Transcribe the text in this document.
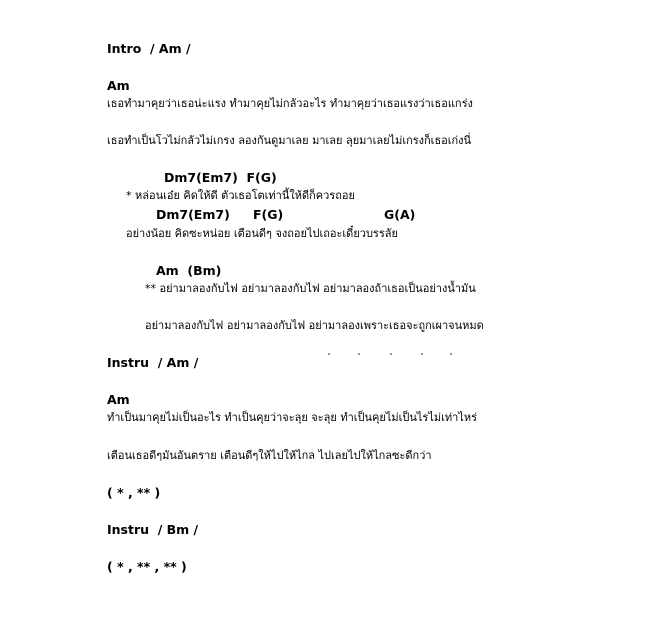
Intro  / Am /
Am
เธอทำมาคุยว่าเธอน่ะแรง ทำมาคุยไม่กลัวอะไร ทำมาคุยว่าเธอแรงว่าเธอแกร่ง
เธอทำเป็นโวไม่กลัวไม่เกรง ลองกันดูมาเลย มาเลย ลุยมาเลยไม่เกรงก็เธอเก่งนี่
Dm7(Em7)  F(G)
* หล่อนเอ๋ย คิดให้ดี ตัวเธอโตเท่านี้ให้ดีก็ควรถอย
Dm7(Em7) F(G)	G(A)
อย่างน้อย คิดซะหน่อย เตือนดีๆ จงถอยไปเถอะเดี๋ยวบรรลัย
Am  (Bm)
** อย่ามาลองกับไฟ อย่ามาลองกับไฟ อย่ามาลองถ้าเธอเป็นอย่างน้ำมัน
อย่ามาลองกับไฟ อย่ามาลองกับไฟ อย่ามาลองเพราะเธอจะถูกเผาจนหมด
Instru  / Am /
Am
ทำเป็นมาคุยไม่เป็นอะไร ทำเป็นคุยว่าจะลุย จะลุย ทำเป็นคุยไม่เป็นไรไม่เท่าไหร่
เตือนเธอดีๆมันอันตราย เตือนดีๆให้ไปให้ไกล ไปเลยไปให้ไกลซะดีกว่า
( * , ** )
Instru  / Bm /
( * , ** , ** )
